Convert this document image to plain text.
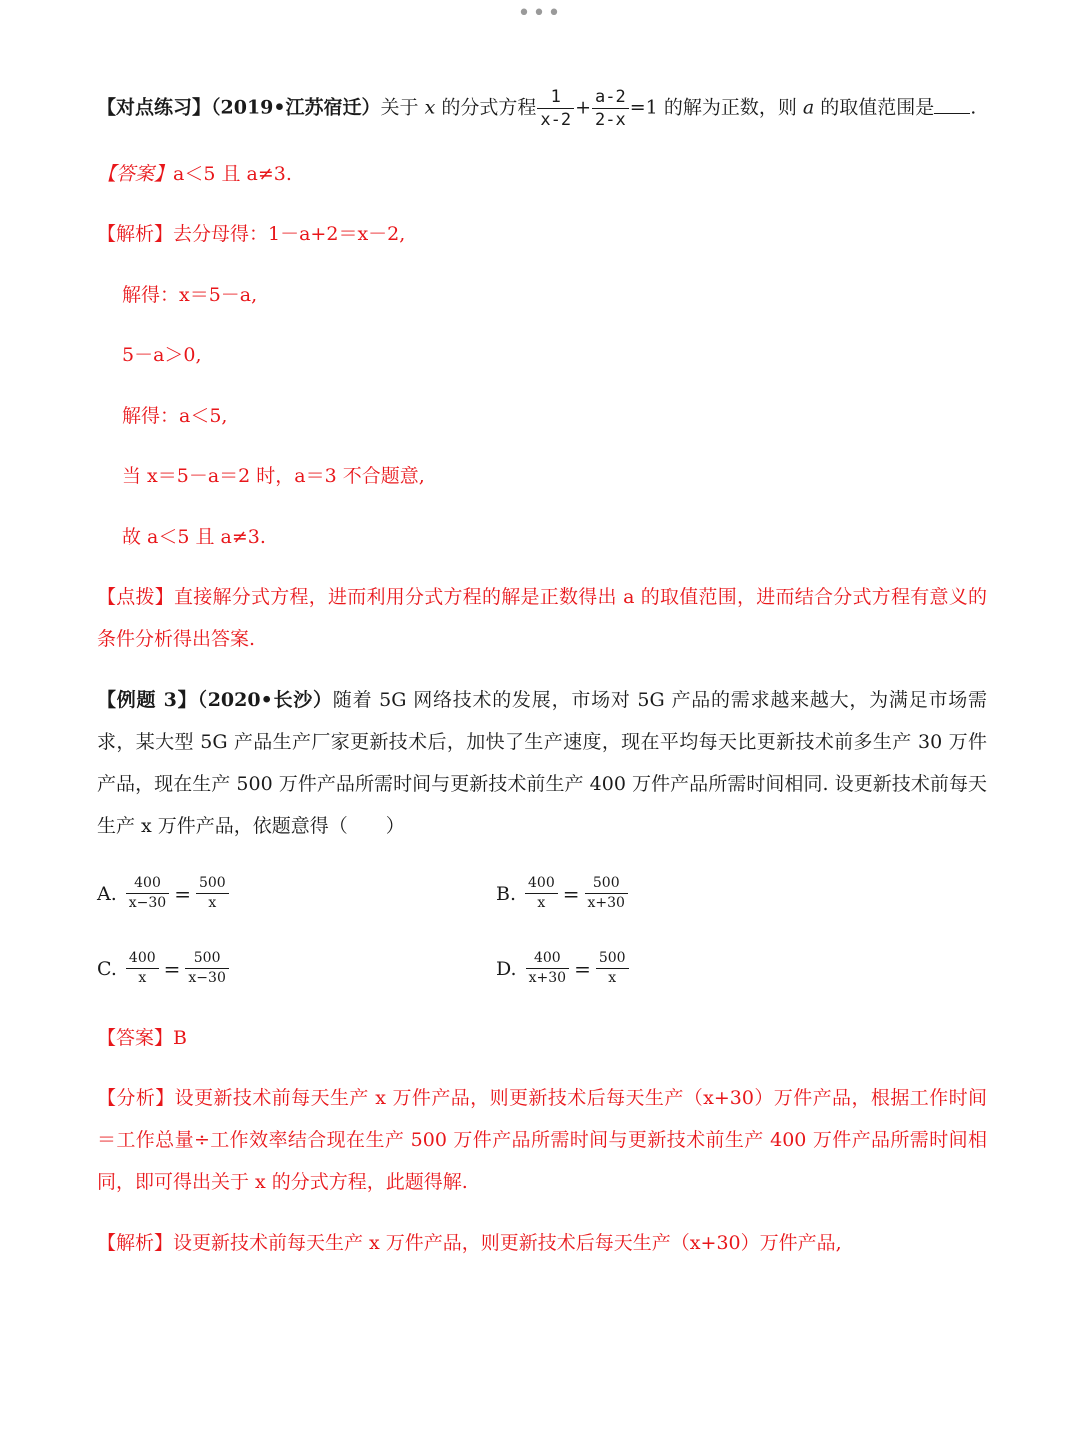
•••
【对点练习】（2019•江苏宿迁）关于 x 的分式方程 $\frac{1}{x-2} + \frac{a-2}{2-x} =1$ 的解为正数，则 a 的取值范围是 .
【答案】a＜5 且 a≠3.
【解析】去分母得：1－a+2＝x－2,
解得：x＝5－a,
5－a＞0,
解得：a＜5,
当 x＝5－a＝2 时，a＝3 不合题意,
故 a＜5 且 a≠3.
【点拨】直接解分式方程，进而利用分式方程的解是正数得出 a 的取值范围，进而结合分式方程有意义的条件分析得出答案.
【例题 3】（2020•长沙）随着 5G 网络技术的发展，市场对 5G 产品的需求越来越大，为满足市场需求，某大型 5G 产品生产厂家更新技术后，加快了生产速度，现在平均每天比更新技术前多生产 30 万件产品，现在生产 500 万件产品所需时间与更新技术前生产 400 万件产品所需时间相同. 设更新技术前每天生产 x 万件产品，依题意得（　　）
A. $\frac{400}{x-30} = \frac{500}{x}$	B. $\frac{400}{x} = \frac{500}{x+30}$
C. $\frac{400}{x} = \frac{500}{x-30}$	D. $\frac{400}{x+30} = \frac{500}{x}$
【答案】B
【分析】设更新技术前每天生产 x 万件产品，则更新技术后每天生产（x+30）万件产品，根据工作时间＝工作总量÷工作效率结合现在生产 500 万件产品所需时间与更新技术前生产 400 万件产品所需时间相同，即可得出关于 x 的分式方程，此题得解.
【解析】设更新技术前每天生产 x 万件产品，则更新技术后每天生产（x+30）万件产品,
